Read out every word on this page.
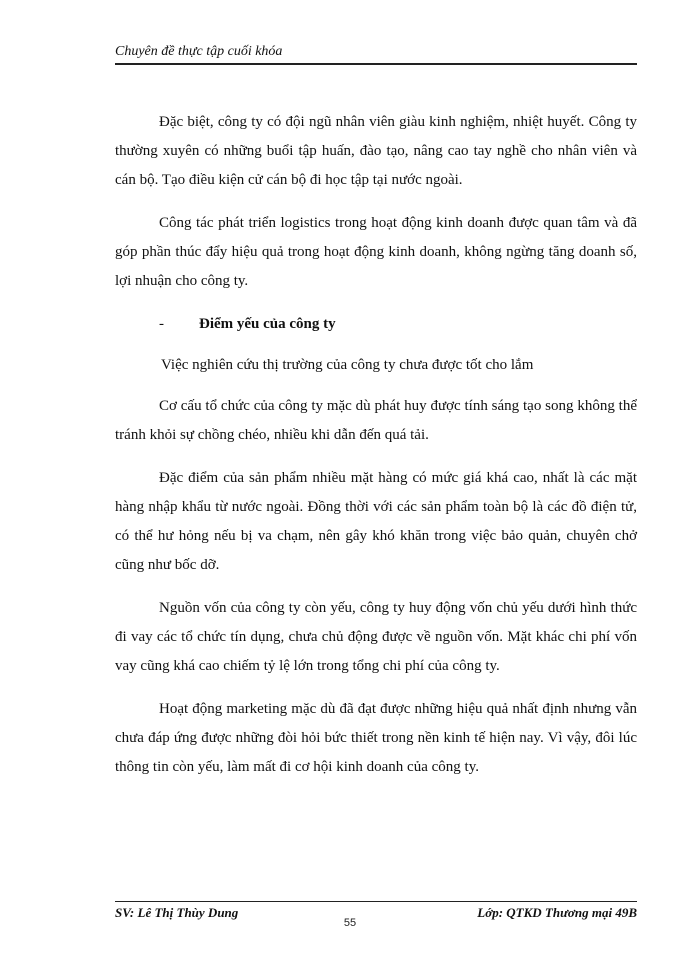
Chuyên đề thực tập cuối khóa

Đặc biệt, công ty có đội ngũ nhân viên giàu kinh nghiệm, nhiệt huyết. Công ty thường xuyên có những buổi tập huấn, đào tạo, nâng cao tay nghề cho nhân viên và cán bộ. Tạo điều kiện cử cán bộ đi học tập tại nước ngoài.

Công tác phát triển logistics trong hoạt động kinh doanh được quan tâm và đã góp phần thúc đẩy hiệu quả trong hoạt động kinh doanh, không ngừng tăng doanh số, lợi nhuận cho công ty.

- Điểm yếu của công ty

Việc nghiên cứu thị trường của công ty chưa được tốt cho lắm

Cơ cấu tổ chức của công ty mặc dù phát huy được tính sáng tạo song không thể tránh khỏi sự chồng chéo, nhiều khi dẫn đến quá tải.

Đặc điểm của sản phẩm nhiều mặt hàng có mức giá khá cao, nhất là các mặt hàng nhập khẩu từ nước ngoài. Đồng thời với các sản phẩm toàn bộ là các đồ điện tử, có thể hư hỏng nếu bị va chạm, nên gây khó khăn trong việc bảo quản, chuyên chở cũng như bốc dỡ.

Nguồn vốn của công ty còn yếu, công ty huy động vốn chủ yếu dưới hình thức đi vay các tổ chức tín dụng, chưa chủ động được về nguồn vốn. Mặt khác chi phí vốn vay cũng khá cao chiếm tỷ lệ lớn trong tổng chi phí của công ty.

Hoạt động marketing mặc dù đã đạt được những hiệu quả nhất định nhưng vẫn chưa đáp ứng được những đòi hỏi bức thiết trong nền kinh tế hiện nay. Vì vậy, đôi lúc thông tin còn yếu, làm mất đi cơ hội kinh doanh của công ty.

SV: Lê Thị Thùy Dung	Lớp: QTKD Thương mại 49B
55
